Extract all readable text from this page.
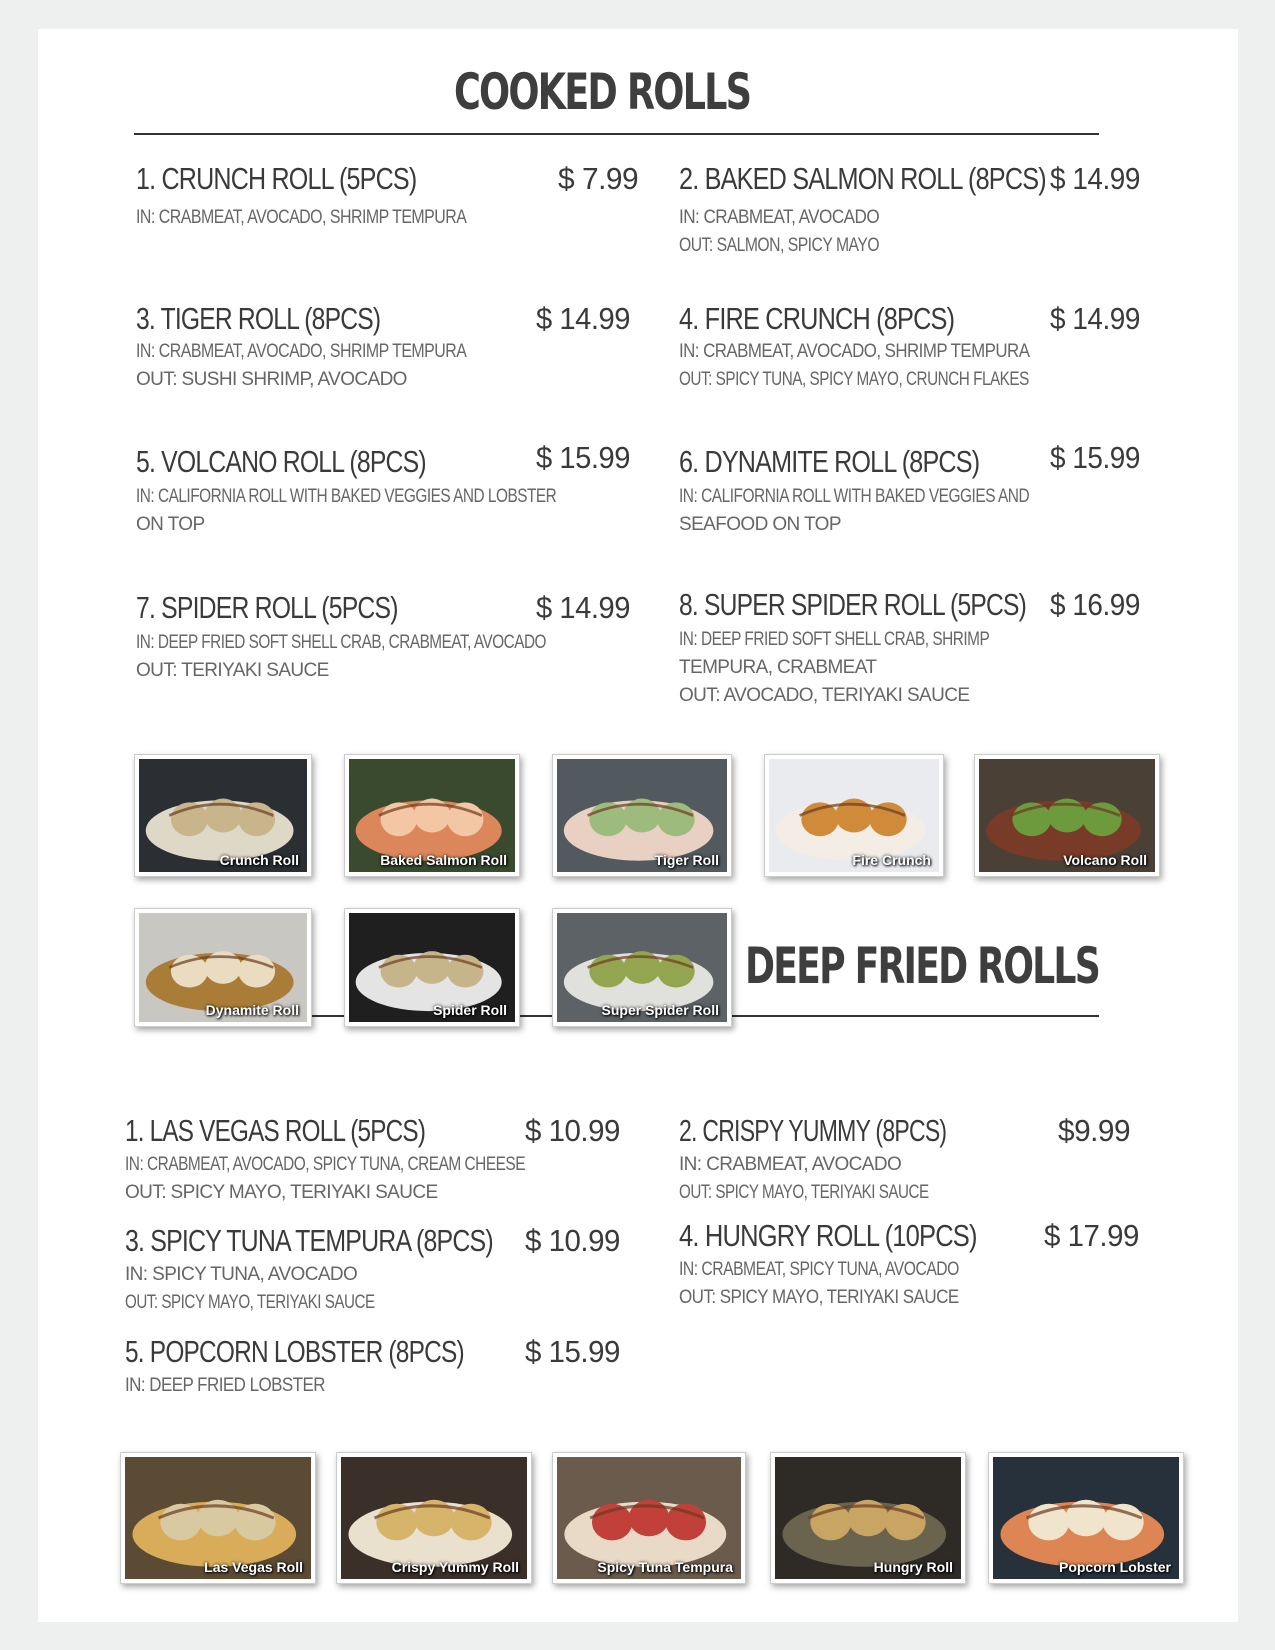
COOKED ROLLS
DEEP FRIED ROLLS
1. CRUNCH ROLL (5PCS)	$ 7.99
IN: CRABMEAT, AVOCADO, SHRIMP TEMPURA
2. BAKED SALMON ROLL (8PCS) $ 14.99
IN: CRABMEAT, AVOCADO
OUT: SALMON, SPICY MAYO
3. TIGER ROLL (8PCS)	$ 14.99
IN: CRABMEAT, AVOCADO, SHRIMP TEMPURA
OUT: SUSHI SHRIMP, AVOCADO
4. FIRE CRUNCH (8PCS)	$ 14.99
IN: CRABMEAT, AVOCADO, SHRIMP TEMPURA
OUT: SPICY TUNA, SPICY MAYO, CRUNCH FLAKES
5. VOLCANO ROLL (8PCS)	$ 15.99
IN: CALIFORNIA ROLL WITH BAKED VEGGIES AND LOBSTER
ON TOP
6. DYNAMITE ROLL (8PCS) $ 15.99
IN: CALIFORNIA ROLL WITH BAKED VEGGIES AND
SEAFOOD ON TOP
7. SPIDER ROLL (5PCS)	$ 14.99
IN: DEEP FRIED SOFT SHELL CRAB, CRABMEAT, AVOCADO
OUT: TERIYAKI SAUCE
8. SUPER SPIDER ROLL (5PCS) $ 16.99
IN: DEEP FRIED SOFT SHELL CRAB, SHRIMP
TEMPURA, CRABMEAT
OUT: AVOCADO, TERIYAKI SAUCE
1. LAS VEGAS ROLL (5PCS)	$ 10.99
IN: CRABMEAT, AVOCADO, SPICY TUNA, CREAM CHEESE
OUT: SPICY MAYO, TERIYAKI SAUCE
2. CRISPY YUMMY (8PCS)	$9.99
IN: CRABMEAT, AVOCADO
OUT: SPICY MAYO, TERIYAKI SAUCE
3. SPICY TUNA TEMPURA (8PCS) $ 10.99
IN: SPICY TUNA, AVOCADO
OUT: SPICY MAYO, TERIYAKI SAUCE
4. HUNGRY ROLL (10PCS) $ 17.99
IN: CRABMEAT, SPICY TUNA, AVOCADO
OUT: SPICY MAYO, TERIYAKI SAUCE
5. POPCORN LOBSTER (8PCS) $ 15.99
IN: DEEP FRIED LOBSTER
Crunch Roll	Baked Salmon Roll	Tiger Roll	Fire Crunch	Volcano Roll
Dynamite Roll	Spider Roll	Super Spider Roll
Las Vegas Roll	Crispy Yummy Roll	Spicy Tuna Tempura	Hungry Roll	Popcorn Lobster
